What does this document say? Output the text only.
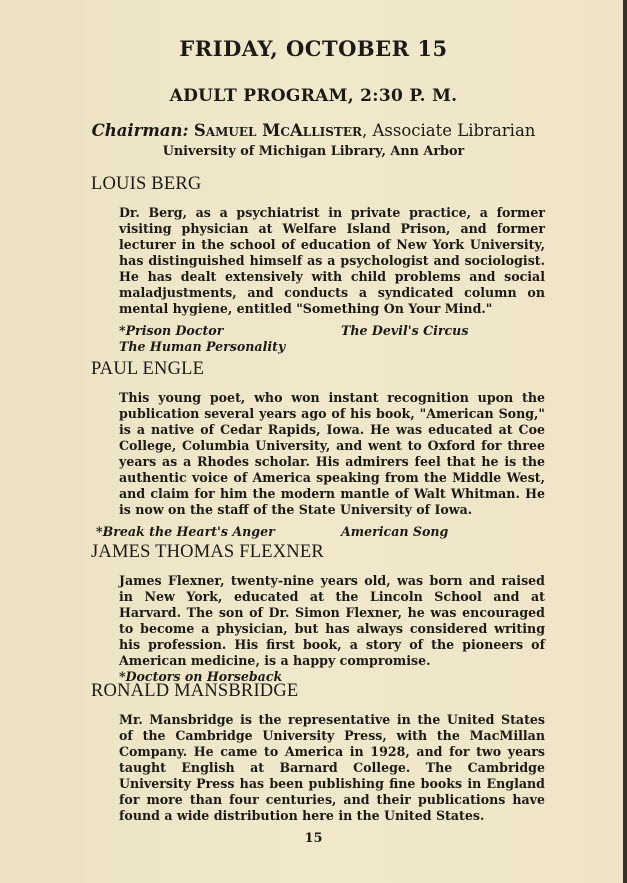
FRIDAY, OCTOBER 15
ADULT PROGRAM, 2:30 P. M.
Chairman: Samuel McAllister, Associate Librarian
University of Michigan Library, Ann Arbor
LOUIS BERG
Dr. Berg, as a psychiatrist in private practice, a former visiting physician at Welfare Island Prison, and former lecturer in the school of education of New York University, has distinguished himself as a psychologist and sociologist. He has dealt extensively with child problems and social maladjustments, and conducts a syndicated column on mental hygiene, entitled "Something On Your Mind."
*Prison Doctor	The Devil's Circus
The Human Personality
PAUL ENGLE
This young poet, who won instant recognition upon the publication several years ago of his book, "American Song," is a native of Cedar Rapids, Iowa. He was educated at Coe College, Columbia University, and went to Oxford for three years as a Rhodes scholar. His admirers feel that he is the authentic voice of America speaking from the Middle West, and claim for him the modern mantle of Walt Whitman. He is now on the staff of the State University of Iowa.
*Break the Heart's Anger	American Song
JAMES THOMAS FLEXNER
James Flexner, twenty-nine years old, was born and raised in New York, educated at the Lincoln School and at Harvard. The son of Dr. Simon Flexner, he was encouraged to become a physician, but has always considered writing his profession. His first book, a story of the pioneers of American medicine, is a happy compromise.
*Doctors on Horseback
RONALD MANSBRIDGE
Mr. Mansbridge is the representative in the United States of the Cambridge University Press, with the MacMillan Company. He came to America in 1928, and for two years taught English at Barnard College. The Cambridge University Press has been publishing fine books in England for more than four centuries, and their publications have found a wide distribution here in the United States.
15
